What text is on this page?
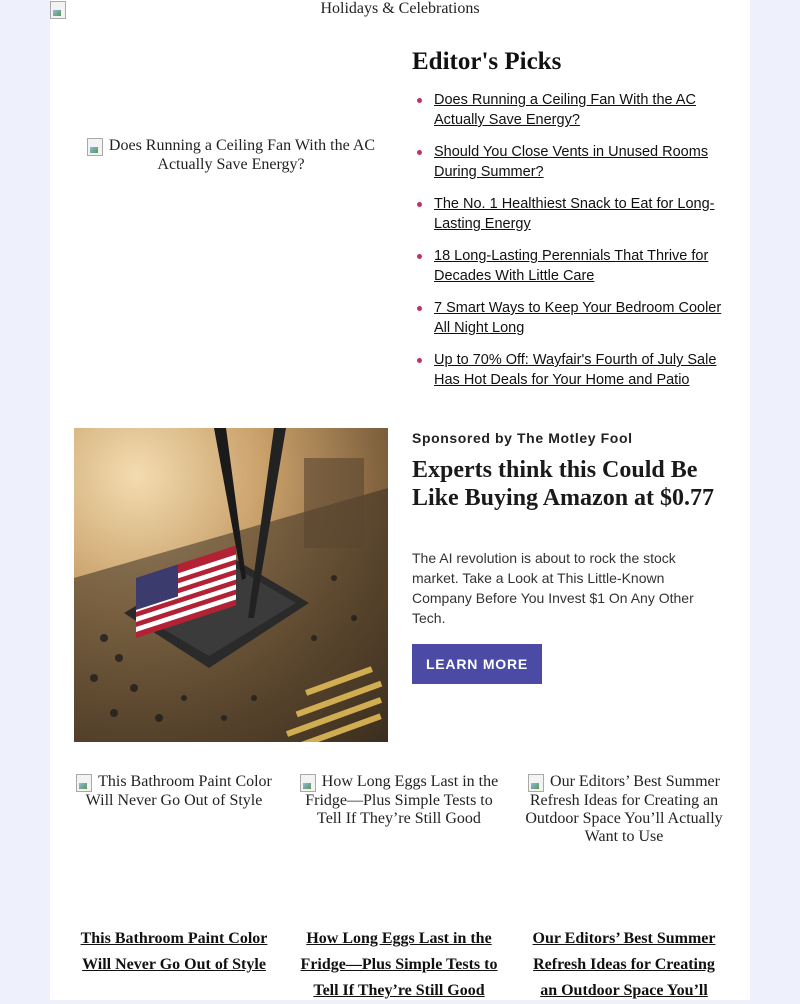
Holidays & Celebrations
Does Running a Ceiling Fan With the AC Actually Save Energy?
Editor's Picks
Does Running a Ceiling Fan With the AC Actually Save Energy?
Should You Close Vents in Unused Rooms During Summer?
The No. 1 Healthiest Snack to Eat for Long-Lasting Energy
18 Long-Lasting Perennials That Thrive for Decades With Little Care
7 Smart Ways to Keep Your Bedroom Cooler All Night Long
Up to 70% Off: Wayfair's Fourth of July Sale Has Hot Deals for Your Home and Patio
Sponsored by The Motley Fool
Experts think this Could Be Like Buying Amazon at $0.77
The AI revolution is about to rock the stock market. Take a Look at This Little-Known Company Before You Invest $1 On Any Other Tech.
LEARN MORE
This Bathroom Paint Color Will Never Go Out of Style
How Long Eggs Last in the Fridge—Plus Simple Tests to Tell If They’re Still Good
Our Editors’ Best Summer Refresh Ideas for Creating an Outdoor Space You’ll Actually Want to Use
This Bathroom Paint Color Will Never Go Out of Style
How Long Eggs Last in the Fridge—Plus Simple Tests to Tell If They’re Still Good
Our Editors’ Best Summer Refresh Ideas for Creating an Outdoor Space You’ll
